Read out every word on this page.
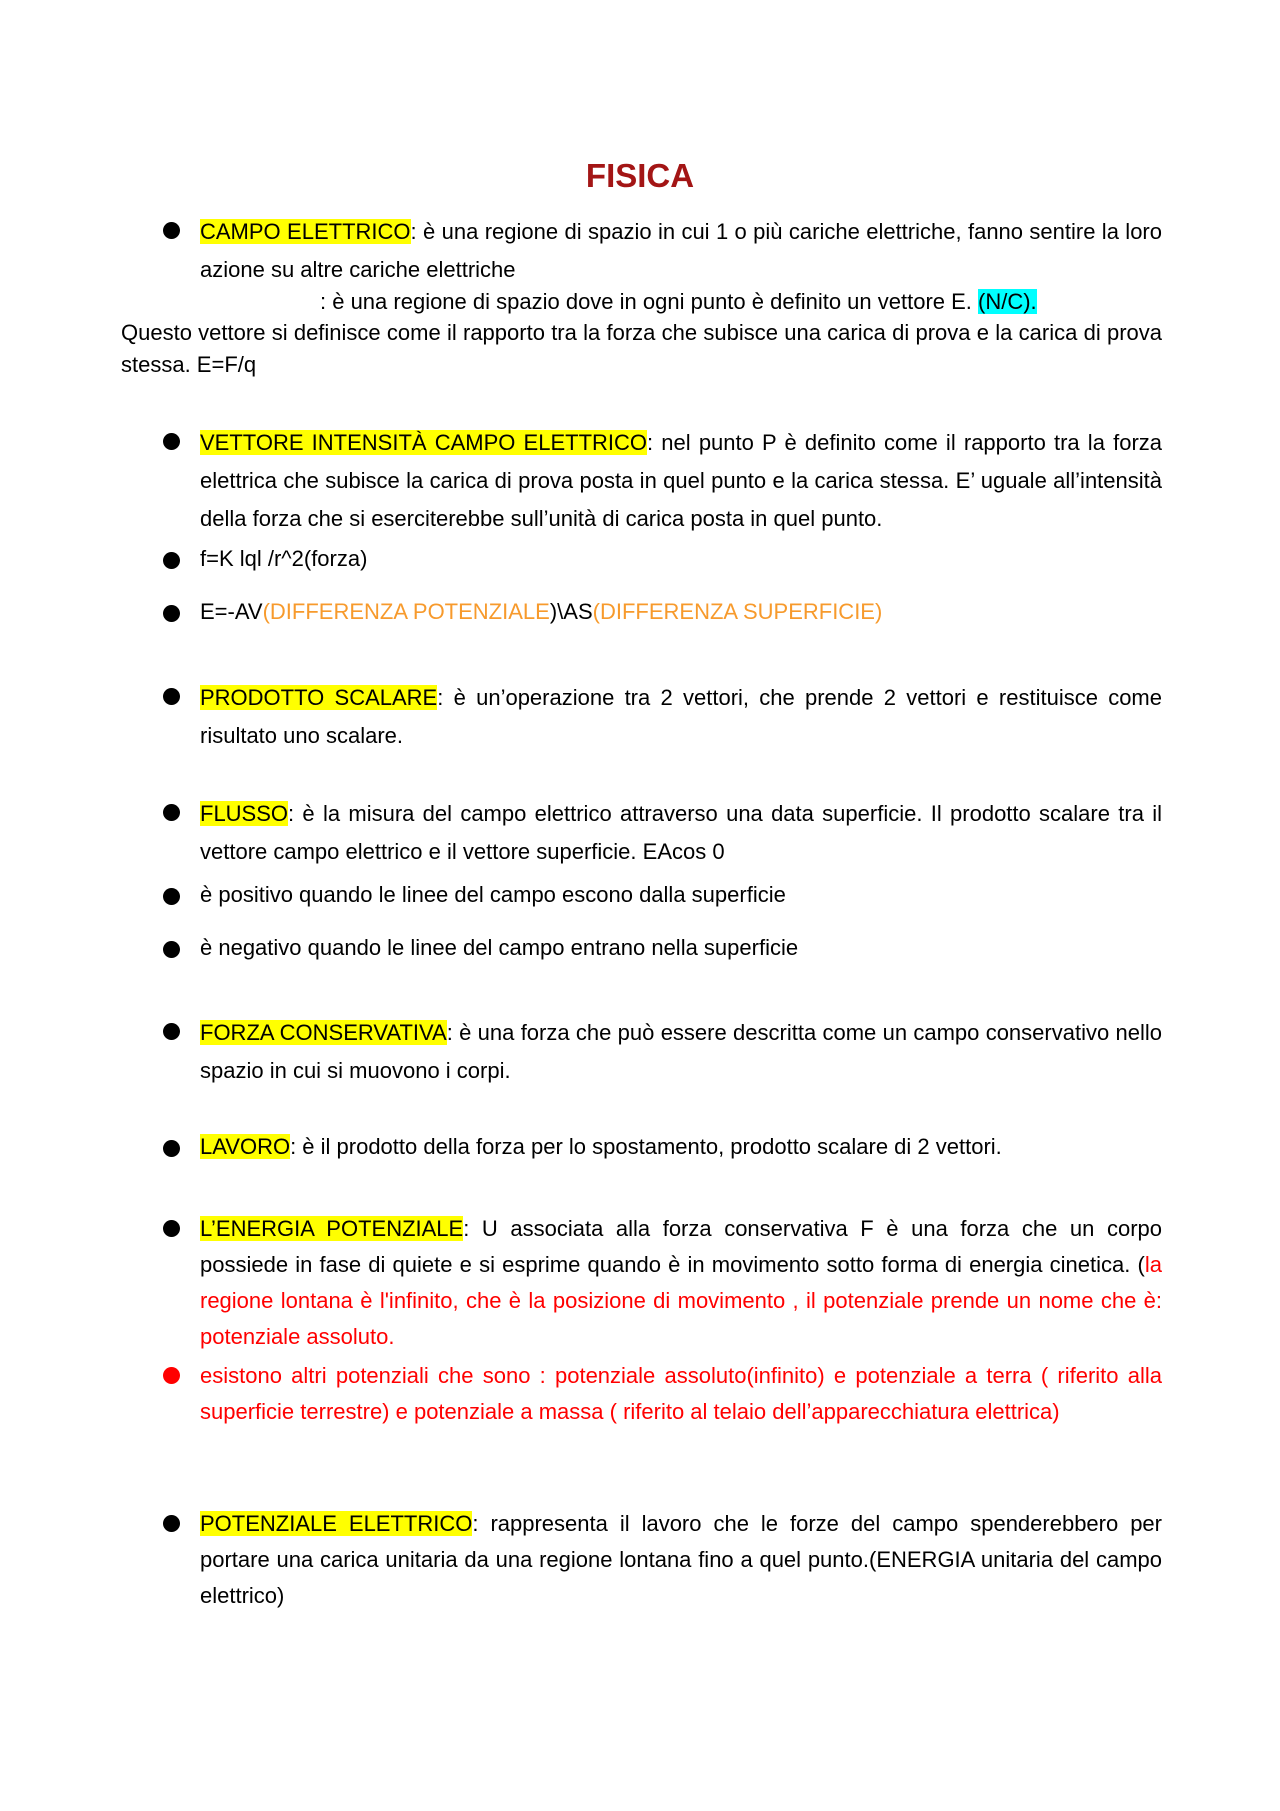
FISICA

CAMPO ELETTRICO: è una regione di spazio in cui 1 o più cariche elettriche, fanno sentire la loro azione su altre cariche elettriche

: è una regione di spazio dove in ogni punto è definito un vettore E. (N/C).
Questo vettore si definisce come il rapporto tra la forza che subisce una carica di prova e la carica di prova stessa. E=F/q

VETTORE INTENSITÀ CAMPO ELETTRICO: nel punto P è definito come il rapporto tra la forza elettrica che subisce la carica di prova posta in quel punto e la carica stessa. E’ uguale all’intensità della forza che si eserciterebbe sull’unità di carica posta in quel punto.

f=K lql /r^2(forza)

E=-AV(DIFFERENZA POTENZIALE)\AS(DIFFERENZA SUPERFICIE)

PRODOTTO SCALARE: è un’operazione tra 2 vettori, che prende 2 vettori e restituisce come risultato uno scalare.

FLUSSO: è la misura del campo elettrico attraverso una data superficie. Il prodotto scalare tra il vettore campo elettrico e il vettore superficie. EAcos 0

è positivo quando le linee del campo escono dalla superficie

è negativo quando le linee del campo entrano nella superficie

FORZA CONSERVATIVA: è una forza che può essere descritta come un campo conservativo nello spazio in cui si muovono i corpi.

LAVORO: è il prodotto della forza per lo spostamento, prodotto scalare di 2 vettori.

L’ENERGIA POTENZIALE: U associata alla forza conservativa F è una forza che un corpo possiede in fase di quiete e si esprime quando è in movimento sotto forma di energia cinetica. (la regione lontana è l'infinito, che è la posizione di movimento , il potenziale prende un nome che è: potenziale assoluto.

esistono altri potenziali che sono : potenziale assoluto(infinito) e potenziale a terra ( riferito alla superficie terrestre) e potenziale a massa ( riferito al telaio dell’apparecchiatura elettrica)

POTENZIALE ELETTRICO: rappresenta il lavoro che le forze del campo spenderebbero per portare una carica unitaria da una regione lontana fino a quel punto.(ENERGIA unitaria del campo elettrico)
